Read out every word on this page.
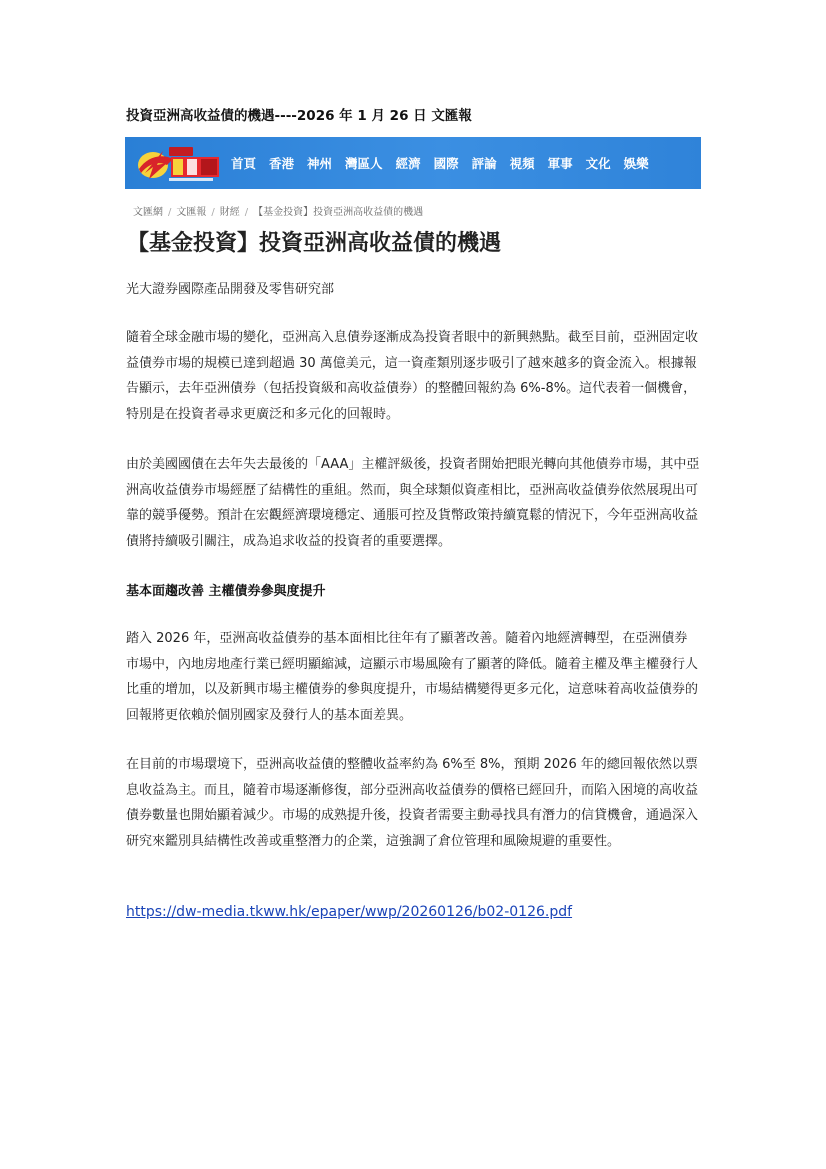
投資亞洲高收益債的機遇----2026 年 1 月 26 日 文匯報
首頁 香港 神州 灣區人 經濟 國際 評論 視頻 軍事 文化 娛樂
文匯網 / 文匯報 / 財經 / 【基金投資】投資亞洲高收益債的機遇
【基金投資】投資亞洲高收益債的機遇
光大證券國際產品開發及零售研究部

隨着全球金融市場的變化，亞洲高入息債券逐漸成為投資者眼中的新興熱點。截至目前，亞洲固定收益債券市場的規模已達到超過 30 萬億美元，這一資產類別逐步吸引了越來越多的資金流入。根據報告顯示，去年亞洲債券（包括投資級和高收益債券）的整體回報約為 6%-8%。這代表着一個機會，特別是在投資者尋求更廣泛和多元化的回報時。

由於美國國債在去年失去最後的「AAA」主權評級後，投資者開始把眼光轉向其他債券市場，其中亞洲高收益債券市場經歷了結構性的重組。然而，與全球類似資產相比，亞洲高收益債券依然展現出可靠的競爭優勢。預計在宏觀經濟環境穩定、通脹可控及貨幣政策持續寬鬆的情況下，今年亞洲高收益債將持續吸引關注，成為追求收益的投資者的重要選擇。

基本面趨改善 主權債券參與度提升

踏入 2026 年，亞洲高收益債券的基本面相比往年有了顯著改善。隨着內地經濟轉型，在亞洲債券市場中，內地房地產行業已經明顯縮減，這顯示市場風險有了顯著的降低。隨着主權及準主權發行人比重的增加，以及新興市場主權債券的參與度提升，市場結構變得更多元化，這意味着高收益債券的回報將更依賴於個別國家及發行人的基本面差異。

在目前的市場環境下，亞洲高收益債的整體收益率約為 6%至 8%，預期 2026 年的總回報依然以票息收益為主。而且，隨着市場逐漸修復，部分亞洲高收益債券的價格已經回升，而陷入困境的高收益債券數量也開始顯着減少。市場的成熟提升後，投資者需要主動尋找具有潛力的信貸機會，通過深入研究來鑑別具結構性改善或重整潛力的企業，這強調了倉位管理和風險規避的重要性。

https://dw-media.tkww.hk/epaper/wwp/20260126/b02-0126.pdf
